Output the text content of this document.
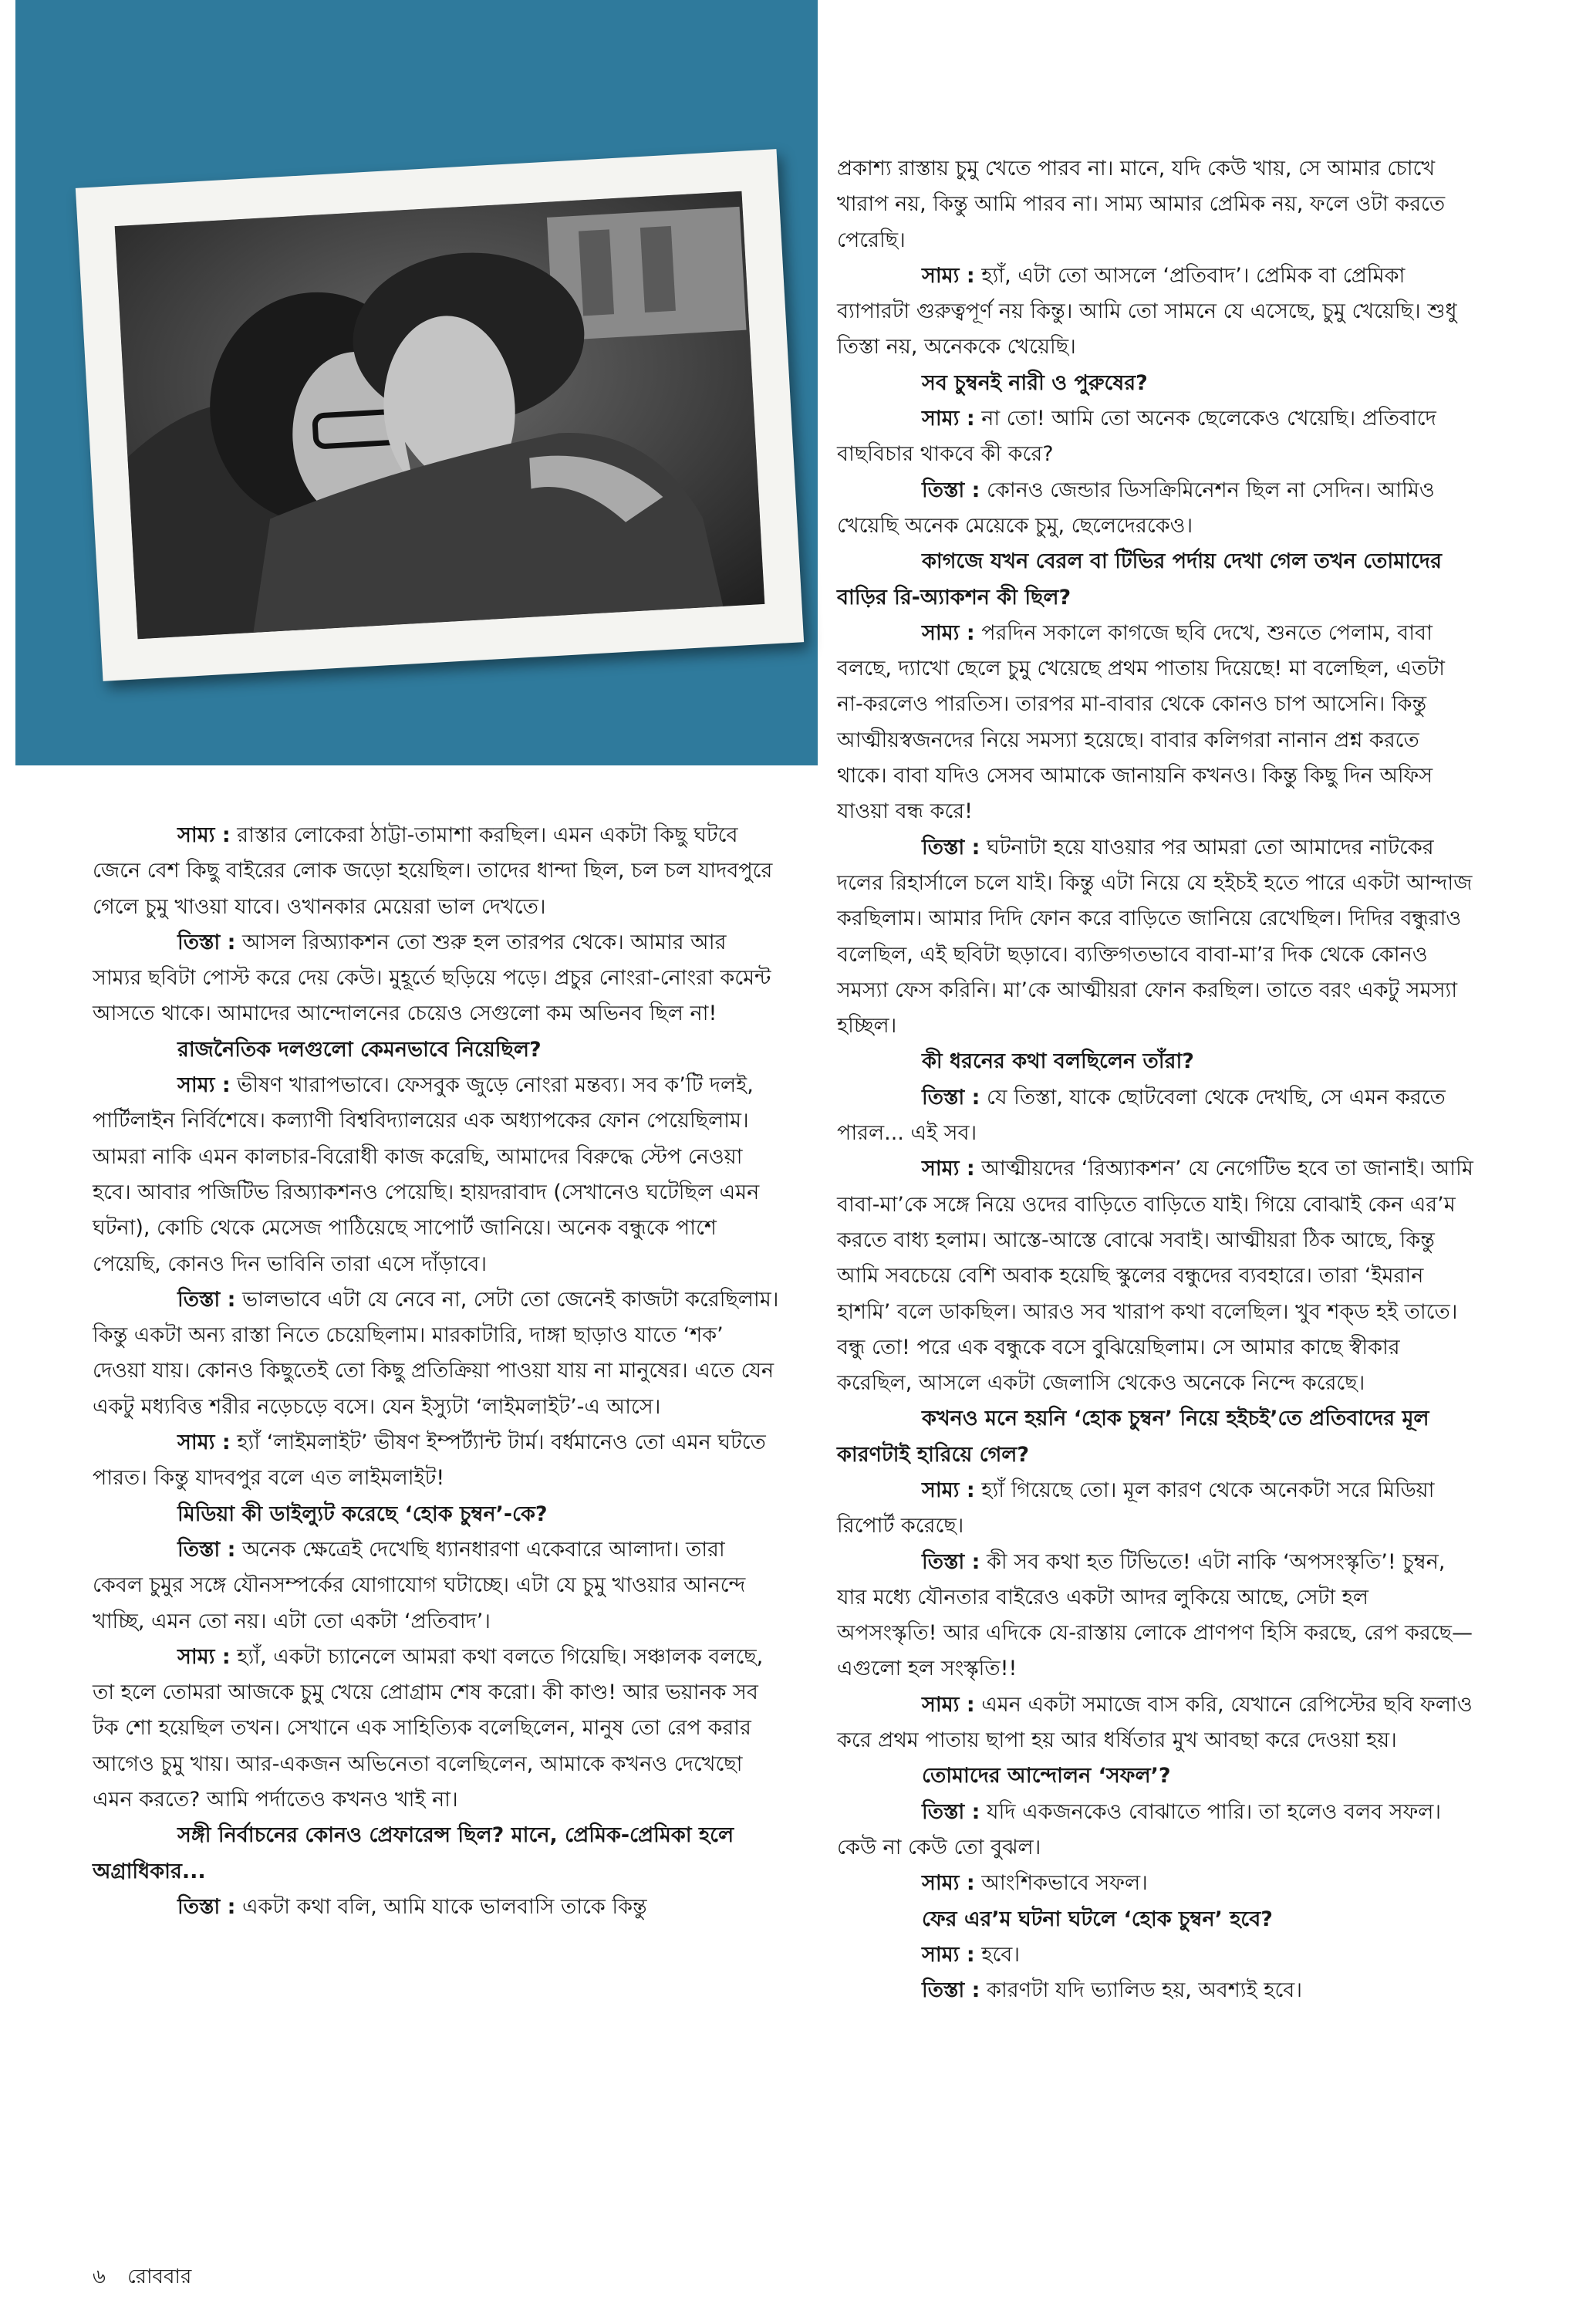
সাম্য : রাস্তার লোকেরা ঠাট্টা-তামাশা করছিল। এমন একটা কিছু ঘটবে জেনে বেশ কিছু বাইরের লোক জড়ো হয়েছিল। তাদের ধান্দা ছিল, চল চল যাদবপুরে গেলে চুমু খাওয়া যাবে। ওখানকার মেয়েরা ভাল দেখতে।

তিস্তা : আসল রিঅ্যাকশন তো শুরু হল তারপর থেকে। আমার আর সাম্যর ছবিটা পোস্ট করে দেয় কেউ। মুহূর্তে ছড়িয়ে পড়ে। প্রচুর নোংরা-নোংরা কমেন্ট আসতে থাকে। আমাদের আন্দোলনের চেয়েও সেগুলো কম অভিনব ছিল না!

রাজনৈতিক দলগুলো কেমনভাবে নিয়েছিল?

সাম্য : ভীষণ খারাপভাবে। ফেসবুক জুড়ে নোংরা মন্তব্য। সব ক’টি দলই, পার্টিলাইন নির্বিশেষে। কল্যাণী বিশ্ববিদ্যালয়ের এক অধ্যাপকের ফোন পেয়েছিলাম। আমরা নাকি এমন কালচার-বিরোধী কাজ করেছি, আমাদের বিরুদ্ধে স্টেপ নেওয়া হবে। আবার পজিটিভ রিঅ্যাকশনও পেয়েছি। হায়দরাবাদ (সেখানেও ঘটেছিল এমন ঘটনা), কোচি থেকে মেসেজ পাঠিয়েছে সাপোর্ট জানিয়ে। অনেক বন্ধুকে পাশে পেয়েছি, কোনও দিন ভাবিনি তারা এসে দাঁড়াবে।

তিস্তা : ভালভাবে এটা যে নেবে না, সেটা তো জেনেই কাজটা করেছিলাম। কিন্তু একটা অন্য রাস্তা নিতে চেয়েছিলাম। মারকাটারি, দাঙ্গা ছাড়াও যাতে ‘শক’ দেওয়া যায়। কোনও কিছুতেই তো কিছু প্রতিক্রিয়া পাওয়া যায় না মানুষের। এতে যেন একটু মধ্যবিত্ত শরীর নড়েচড়ে বসে। যেন ইস্যুটা ‘লাইমলাইট’-এ আসে।

সাম্য : হ্যাঁ ‘লাইমলাইট’ ভীষণ ইম্পর্ট্যান্ট টার্ম। বর্ধমানেও তো এমন ঘটতে পারত। কিন্তু যাদবপুর বলে এত লাইমলাইট!

মিডিয়া কী ডাইল্যুট করেছে ‘হোক চুম্বন’-কে?

তিস্তা : অনেক ক্ষেত্রেই দেখেছি ধ্যানধারণা একেবারে আলাদা। তারা কেবল চুমুর সঙ্গে যৌনসম্পর্কের যোগাযোগ ঘটাচ্ছে। এটা যে চুমু খাওয়ার আনন্দে খাচ্ছি, এমন তো নয়। এটা তো একটা ‘প্রতিবাদ’।

সাম্য : হ্যাঁ, একটা চ্যানেলে আমরা কথা বলতে গিয়েছি। সঞ্চালক বলছে, তা হলে তোমরা আজকে চুমু খেয়ে প্রোগ্রাম শেষ করো। কী কাণ্ড! আর ভয়ানক সব টক শো হয়েছিল তখন। সেখানে এক সাহিত্যিক বলেছিলেন, মানুষ তো রেপ করার আগেও চুমু খায়। আর-একজন অভিনেতা বলেছিলেন, আমাকে কখনও দেখেছো এমন করতে? আমি পর্দাতেও কখনও খাই না।

সঙ্গী নির্বাচনের কোনও প্রেফারেন্স ছিল? মানে, প্রেমিক-প্রেমিকা হলে অগ্রাধিকার...

তিস্তা : একটা কথা বলি, আমি যাকে ভালবাসি তাকে কিন্তু

প্রকাশ্য রাস্তায় চুমু খেতে পারব না। মানে, যদি কেউ খায়, সে আমার চোখে খারাপ নয়, কিন্তু আমি পারব না। সাম্য আমার প্রেমিক নয়, ফলে ওটা করতে পেরেছি।

সাম্য : হ্যাঁ, এটা তো আসলে ‘প্রতিবাদ’। প্রেমিক বা প্রেমিকা ব্যাপারটা গুরুত্বপূর্ণ নয় কিন্তু। আমি তো সামনে যে এসেছে, চুমু খেয়েছি। শুধু তিস্তা নয়, অনেককে খেয়েছি।

সব চুম্বনই নারী ও পুরুষের?

সাম্য : না তো! আমি তো অনেক ছেলেকেও খেয়েছি। প্রতিবাদে বাছবিচার থাকবে কী করে?

তিস্তা : কোনও জেন্ডার ডিসক্রিমিনেশন ছিল না সেদিন। আমিও খেয়েছি অনেক মেয়েকে চুমু, ছেলেদেরকেও।

কাগজে যখন বেরল বা টিভির পর্দায় দেখা গেল তখন তোমাদের বাড়ির রি-অ্যাকশন কী ছিল?

সাম্য : পরদিন সকালে কাগজে ছবি দেখে, শুনতে পেলাম, বাবা বলছে, দ্যাখো ছেলে চুমু খেয়েছে প্রথম পাতায় দিয়েছে! মা বলেছিল, এতটা না-করলেও পারতিস। তারপর মা-বাবার থেকে কোনও চাপ আসেনি। কিন্তু আত্মীয়স্বজনদের নিয়ে সমস্যা হয়েছে। বাবার কলিগরা নানান প্রশ্ন করতে থাকে। বাবা যদিও সেসব আমাকে জানায়নি কখনও। কিন্তু কিছু দিন অফিস যাওয়া বন্ধ করে!

তিস্তা : ঘটনাটা হয়ে যাওয়ার পর আমরা তো আমাদের নাটকের দলের রিহার্সালে চলে যাই। কিন্তু এটা নিয়ে যে হইচই হতে পারে একটা আন্দাজ করছিলাম। আমার দিদি ফোন করে বাড়িতে জানিয়ে রেখেছিল। দিদির বন্ধুরাও বলেছিল, এই ছবিটা ছড়াবে। ব্যক্তিগতভাবে বাবা-মা’র দিক থেকে কোনও সমস্যা ফেস করিনি। মা’কে আত্মীয়রা ফোন করছিল। তাতে বরং একটু সমস্যা হচ্ছিল।

কী ধরনের কথা বলছিলেন তাঁরা?

তিস্তা : যে তিস্তা, যাকে ছোটবেলা থেকে দেখছি, সে এমন করতে পারল... এই সব।

সাম্য : আত্মীয়দের ‘রিঅ্যাকশন’ যে নেগেটিভ হবে তা জানাই। আমি বাবা-মা’কে সঙ্গে নিয়ে ওদের বাড়িতে বাড়িতে যাই। গিয়ে বোঝাই কেন এর’ম করতে বাধ্য হলাম। আস্তে-আস্তে বোঝে সবাই। আত্মীয়রা ঠিক আছে, কিন্তু আমি সবচেয়ে বেশি অবাক হয়েছি স্কুলের বন্ধুদের ব্যবহারে। তারা ‘ইমরান হাশমি’ বলে ডাকছিল। আরও সব খারাপ কথা বলেছিল। খুব শক্‌ড হই তাতে। বন্ধু তো! পরে এক বন্ধুকে বসে বুঝিয়েছিলাম। সে আমার কাছে স্বীকার করেছিল, আসলে একটা জেলাসি থেকেও অনেকে নিন্দে করেছে।

কখনও মনে হয়নি ‘হোক চুম্বন’ নিয়ে হইচই’তে প্রতিবাদের মূল কারণটাই হারিয়ে গেল?

সাম্য : হ্যাঁ গিয়েছে তো। মূল কারণ থেকে অনেকটা সরে মিডিয়া রিপোর্ট করেছে।

তিস্তা : কী সব কথা হত টিভিতে! এটা নাকি ‘অপসংস্কৃতি’! চুম্বন, যার মধ্যে যৌনতার বাইরেও একটা আদর লুকিয়ে আছে, সেটা হল অপসংস্কৃতি! আর এদিকে যে-রাস্তায় লোকে প্রাণপণ হিসি করছে, রেপ করছে—এগুলো হল সংস্কৃতি!!

সাম্য : এমন একটা সমাজে বাস করি, যেখানে রেপিস্টের ছবি ফলাও করে প্রথম পাতায় ছাপা হয় আর ধর্ষিতার মুখ আবছা করে দেওয়া হয়।

তোমাদের আন্দোলন ‘সফল’?

তিস্তা : যদি একজনকেও বোঝাতে পারি। তা হলেও বলব সফল। কেউ না কেউ তো বুঝল।

সাম্য : আংশিকভাবে সফল।

ফের এর’ম ঘটনা ঘটলে ‘হোক চুম্বন’ হবে?

সাম্য : হবে।

তিস্তা : কারণটা যদি ভ্যালিড হয়, অবশ্যই হবে।

৬ রোববার
